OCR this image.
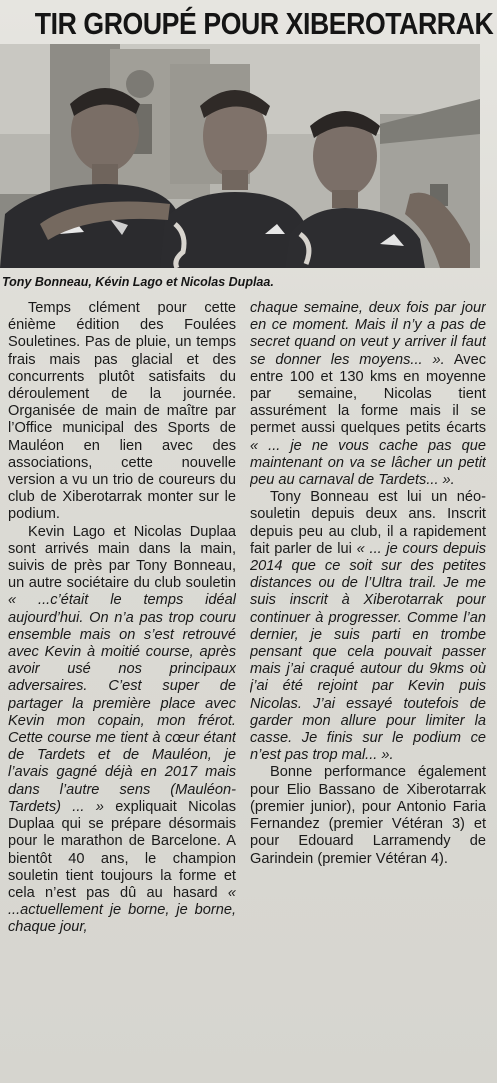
TIR GROUPÉ POUR XIBEROTARRAK
Tony Bonneau, Kévin Lago et Nicolas Duplaa.

Temps clément pour cette énième édition des Foulées Souletines. Pas de pluie, un temps frais mais pas glacial et des concurrents plutôt satisfaits du déroulement de la journée. Organisée de main de maître par l’Office municipal des Sports de Mauléon en lien avec des associations, cette nouvelle version a vu un trio de coureurs du club de Xiberotarrak monter sur le podium.

Kevin Lago et Nicolas Duplaa sont arrivés main dans la main, suivis de près par Tony Bonneau, un autre sociétaire du club souletin « ...c’était le temps idéal aujourd’hui. On n’a pas trop couru ensemble mais on s’est retrouvé avec Kevin à moitié course, après avoir usé nos principaux adversaires. C’est super de partager la première place avec Kevin mon copain, mon frérot. Cette course me tient à cœur étant de Tardets et de Mauléon, je l’avais gagné déjà en 2017 mais dans l’autre sens (Mauléon-Tardets) ... » expliquait Nicolas Duplaa qui se prépare désormais pour le marathon de Barcelone. A bientôt 40 ans, le champion souletin tient toujours la forme et cela n’est pas dû au hasard « ...actuellement je borne, je borne, chaque jour,

chaque semaine, deux fois par jour en ce moment. Mais il n’y a pas de secret quand on veut y arriver il faut se donner les moyens... ». Avec entre 100 et 130 kms en moyenne par semaine, Nicolas tient assurément la forme mais il se permet aussi quelques petits écarts « ... je ne vous cache pas que maintenant on va se lâcher un petit peu au carnaval de Tardets... ».

Tony Bonneau est lui un néo-souletin depuis deux ans. Inscrit depuis peu au club, il a rapidement fait parler de lui « ... je cours depuis 2014 que ce soit sur des petites distances ou de l’Ultra trail. Je me suis inscrit à Xiberotarrak pour continuer à progresser. Comme l’an dernier, je suis parti en trombe pensant que cela pouvait passer mais j’ai craqué autour du 9kms où j’ai été rejoint par Kevin puis Nicolas. J’ai essayé toutefois de garder mon allure pour limiter la casse. Je finis sur le podium ce n’est pas trop mal... ».

Bonne performance également pour Elio Bassano de Xiberotarrak (premier junior), pour Antonio Faria Fernandez (premier Vétéran 3) et pour Edouard Larramendy de Garindein (premier Vétéran 4).
